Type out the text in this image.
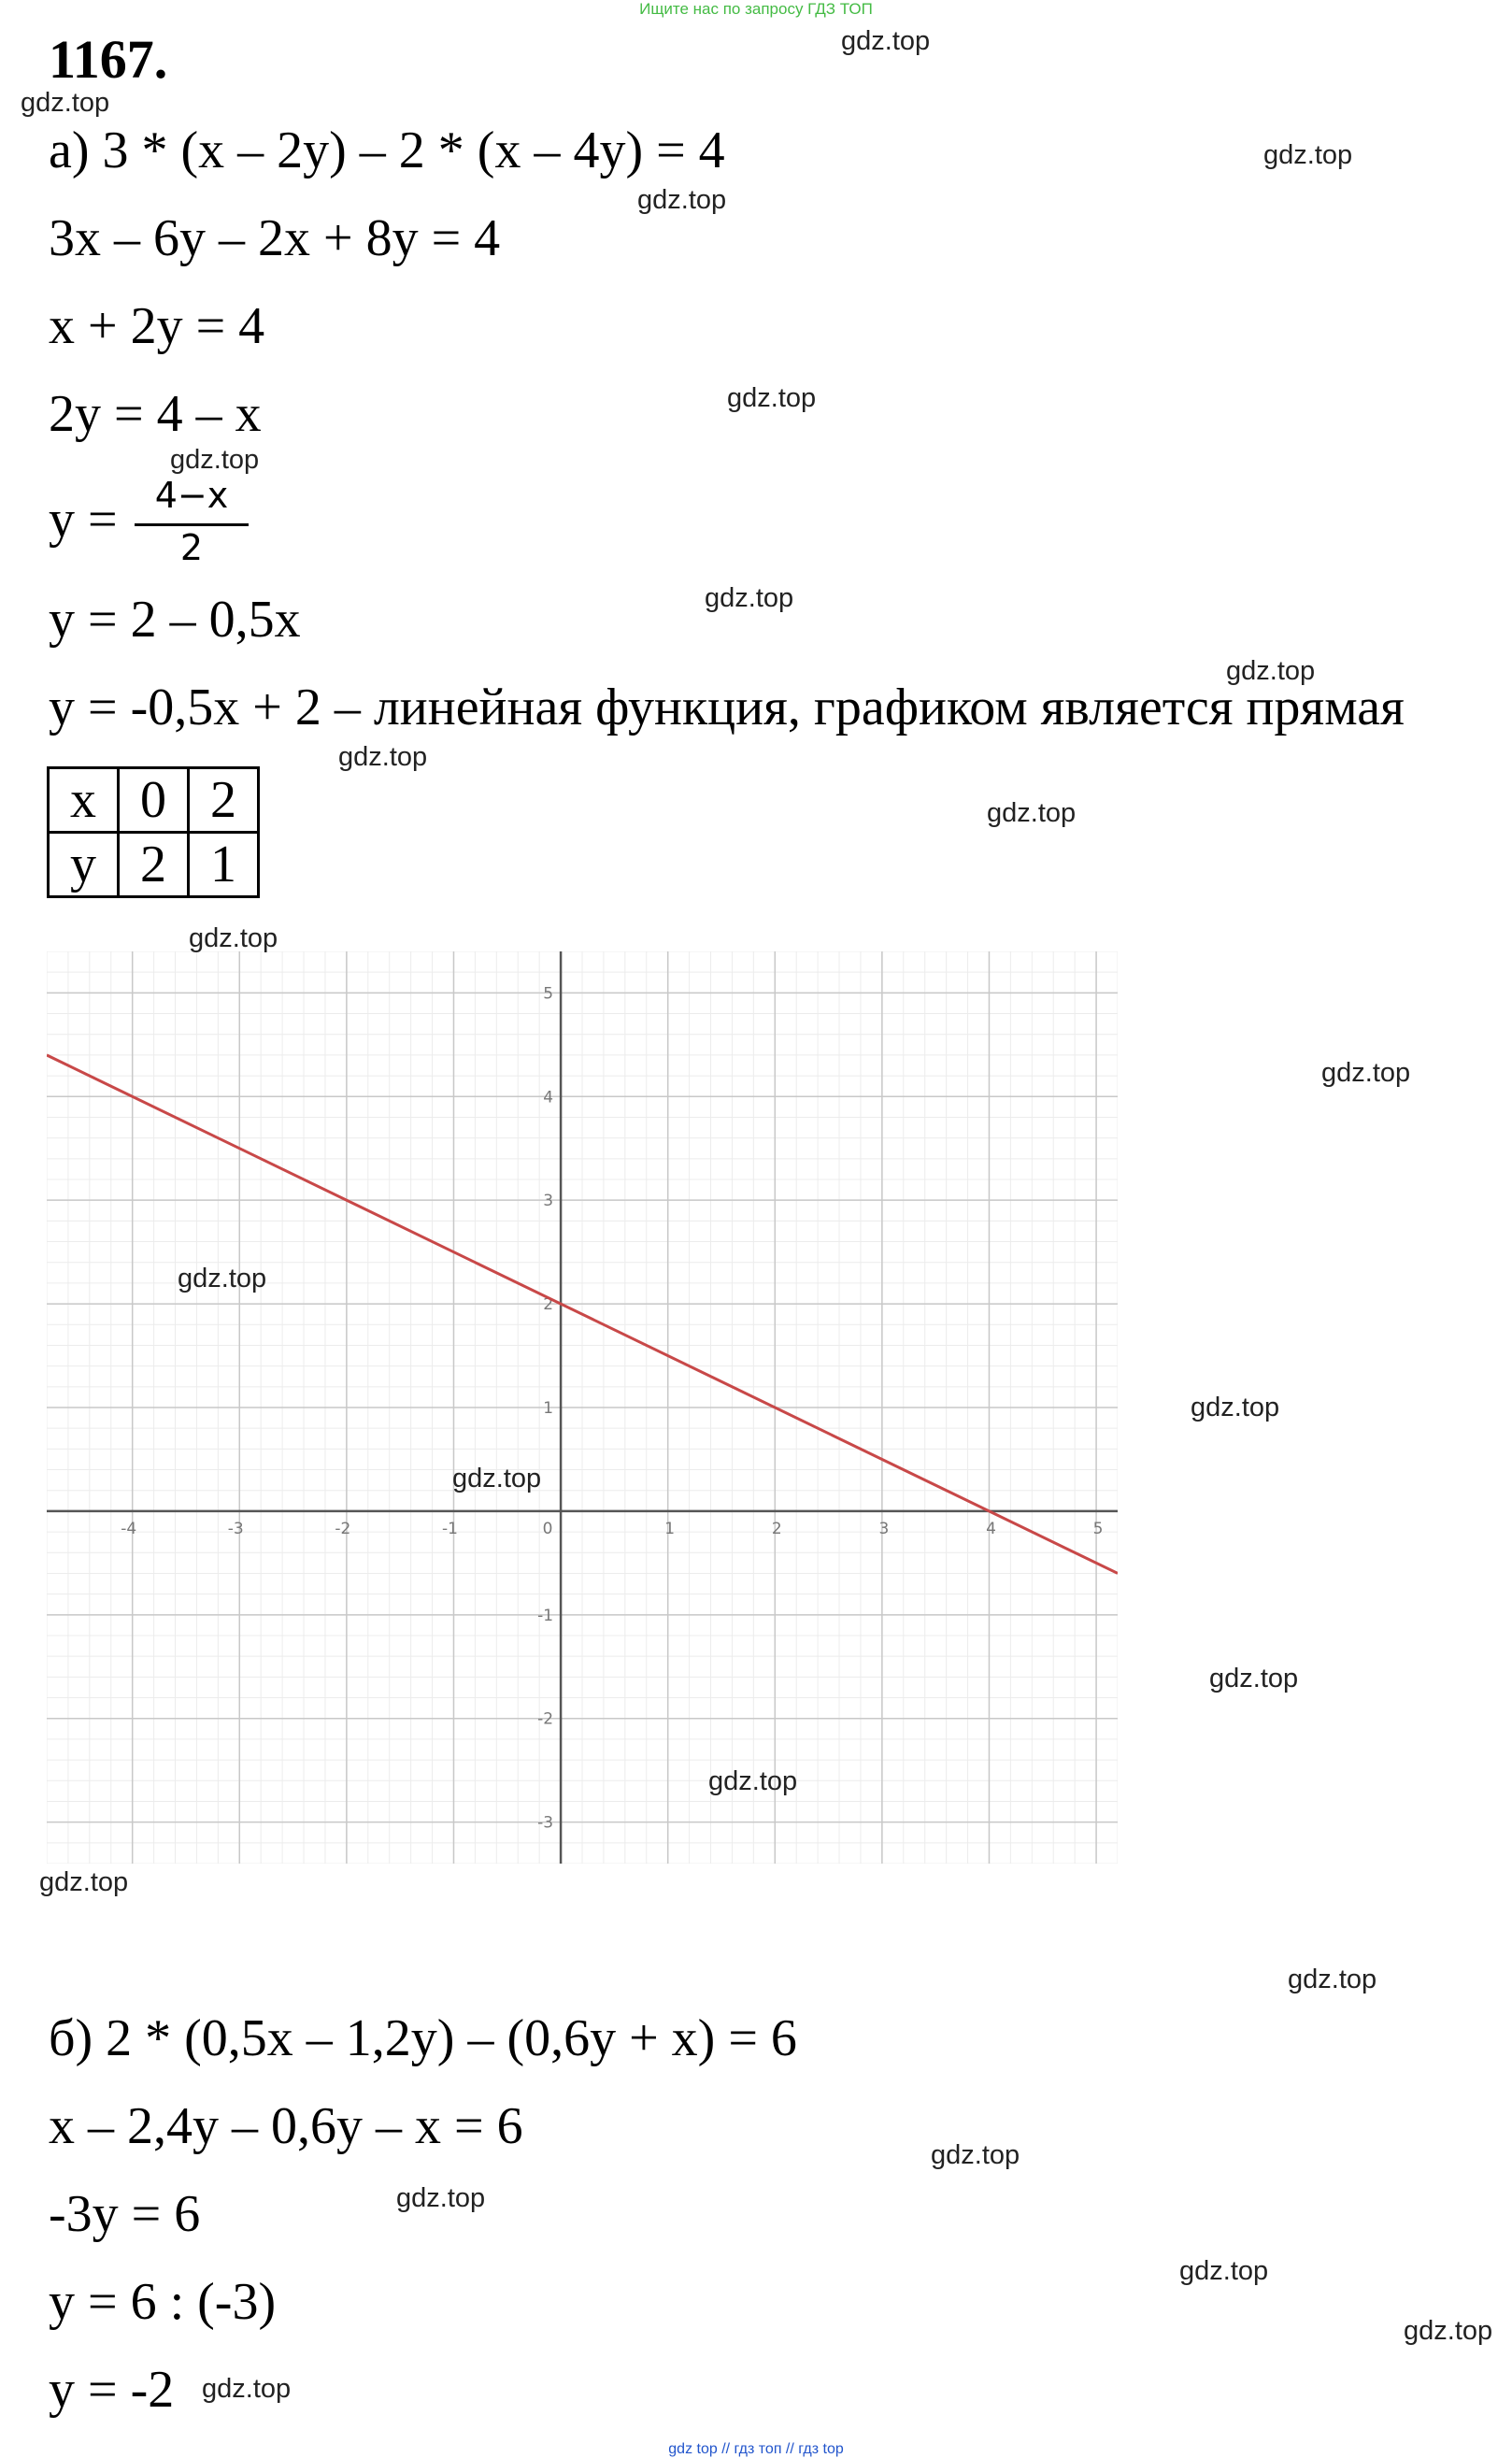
Ищите нас по запросу ГДЗ ТОП
1167.
а) 3 * (x – 2y) – 2 * (x – 4y) = 4
3x – 6y – 2x + 8y = 4
x + 2y = 4
2y = 4 – x
y =	4−x
2
y = 2 – 0,5x
y = -0,5x + 2 – линейная функция, графиком является прямая
x	0	2
y	2	1
-4	-3	-2	-1	0	1	2	3	4	5
5
4
3
2
1
-1
-2
-3
б) 2 * (0,5x – 1,2y) – (0,6y + x) = 6
x – 2,4y – 0,6y – x = 6
-3y = 6
y = 6 : (-3)
y = -2
gdz.top
gdz.top
gdz.top
gdz.top
gdz.top
gdz.top
gdz.top
gdz.top
gdz.top
gdz.top
gdz.top
gdz.top
gdz.top
gdz.top
gdz.top
gdz.top
gdz.top
gdz.top
gdz.top
gdz.top
gdz.top
gdz.top
gdz.top
gdz.top
gdz top // гдз топ // гдз top
